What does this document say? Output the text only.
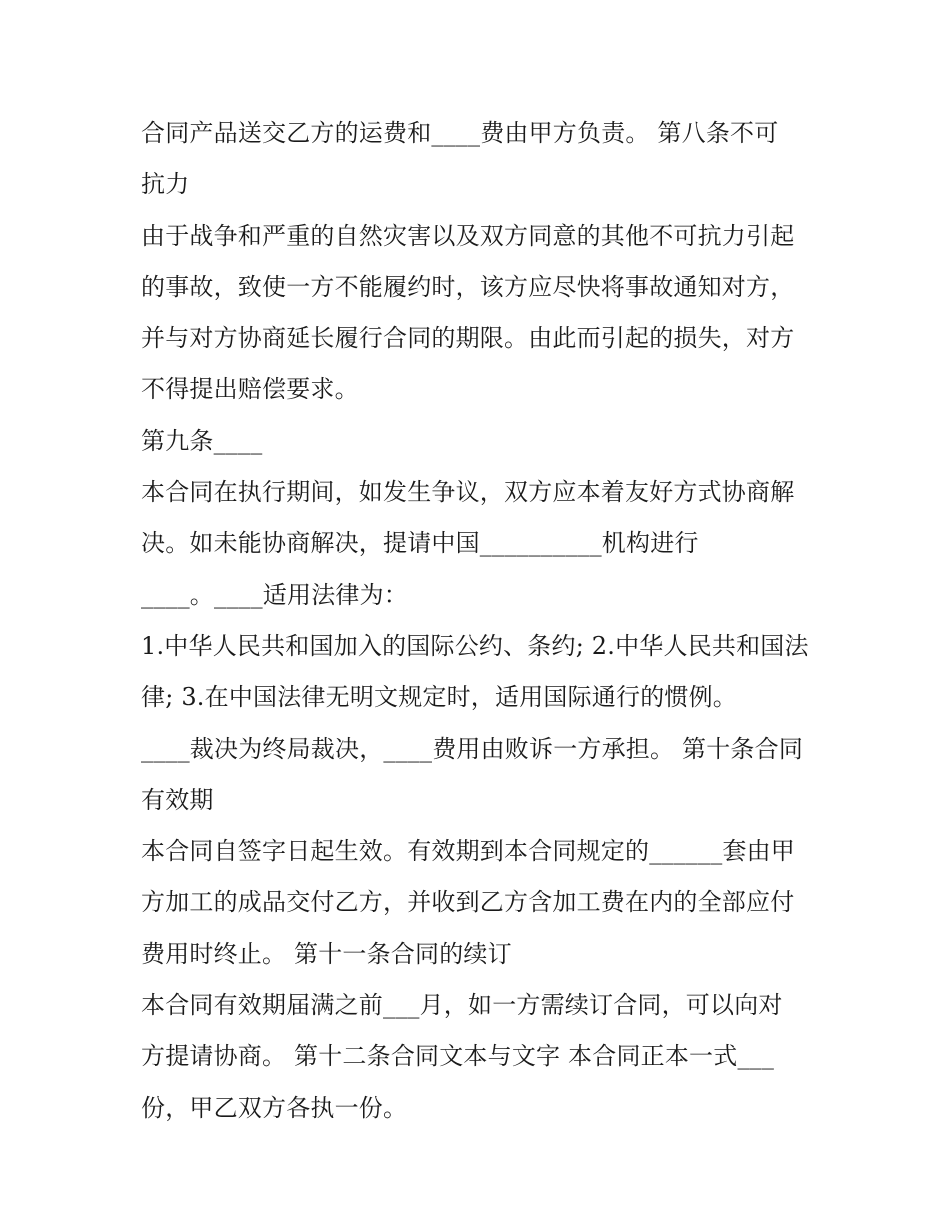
合同产品送交乙方的运费和____费由甲方负责。 第八条不可
抗力
由于战争和严重的自然灾害以及双方同意的其他不可抗力引起
的事故，致使一方不能履约时，该方应尽快将事故通知对方，
并与对方协商延长履行合同的期限。由此而引起的损失，对方
不得提出赔偿要求。
第九条____
本合同在执行期间，如发生争议，双方应本着友好方式协商解
决。如未能协商解决，提请中国__________机构进行
____。____适用法律为：
1.中华人民共和国加入的国际公约、条约; 2.中华人民共和国法
律; 3.在中国法律无明文规定时，适用国际通行的惯例。
____裁决为终局裁决，____费用由败诉一方承担。 第十条合同
有效期
本合同自签字日起生效。有效期到本合同规定的______套由甲
方加工的成品交付乙方，并收到乙方含加工费在内的全部应付
费用时终止。 第十一条合同的续订
本合同有效期届满之前___月，如一方需续订合同，可以向对
方提请协商。 第十二条合同文本与文字 本合同正本一式___
份，甲乙双方各执一份。
